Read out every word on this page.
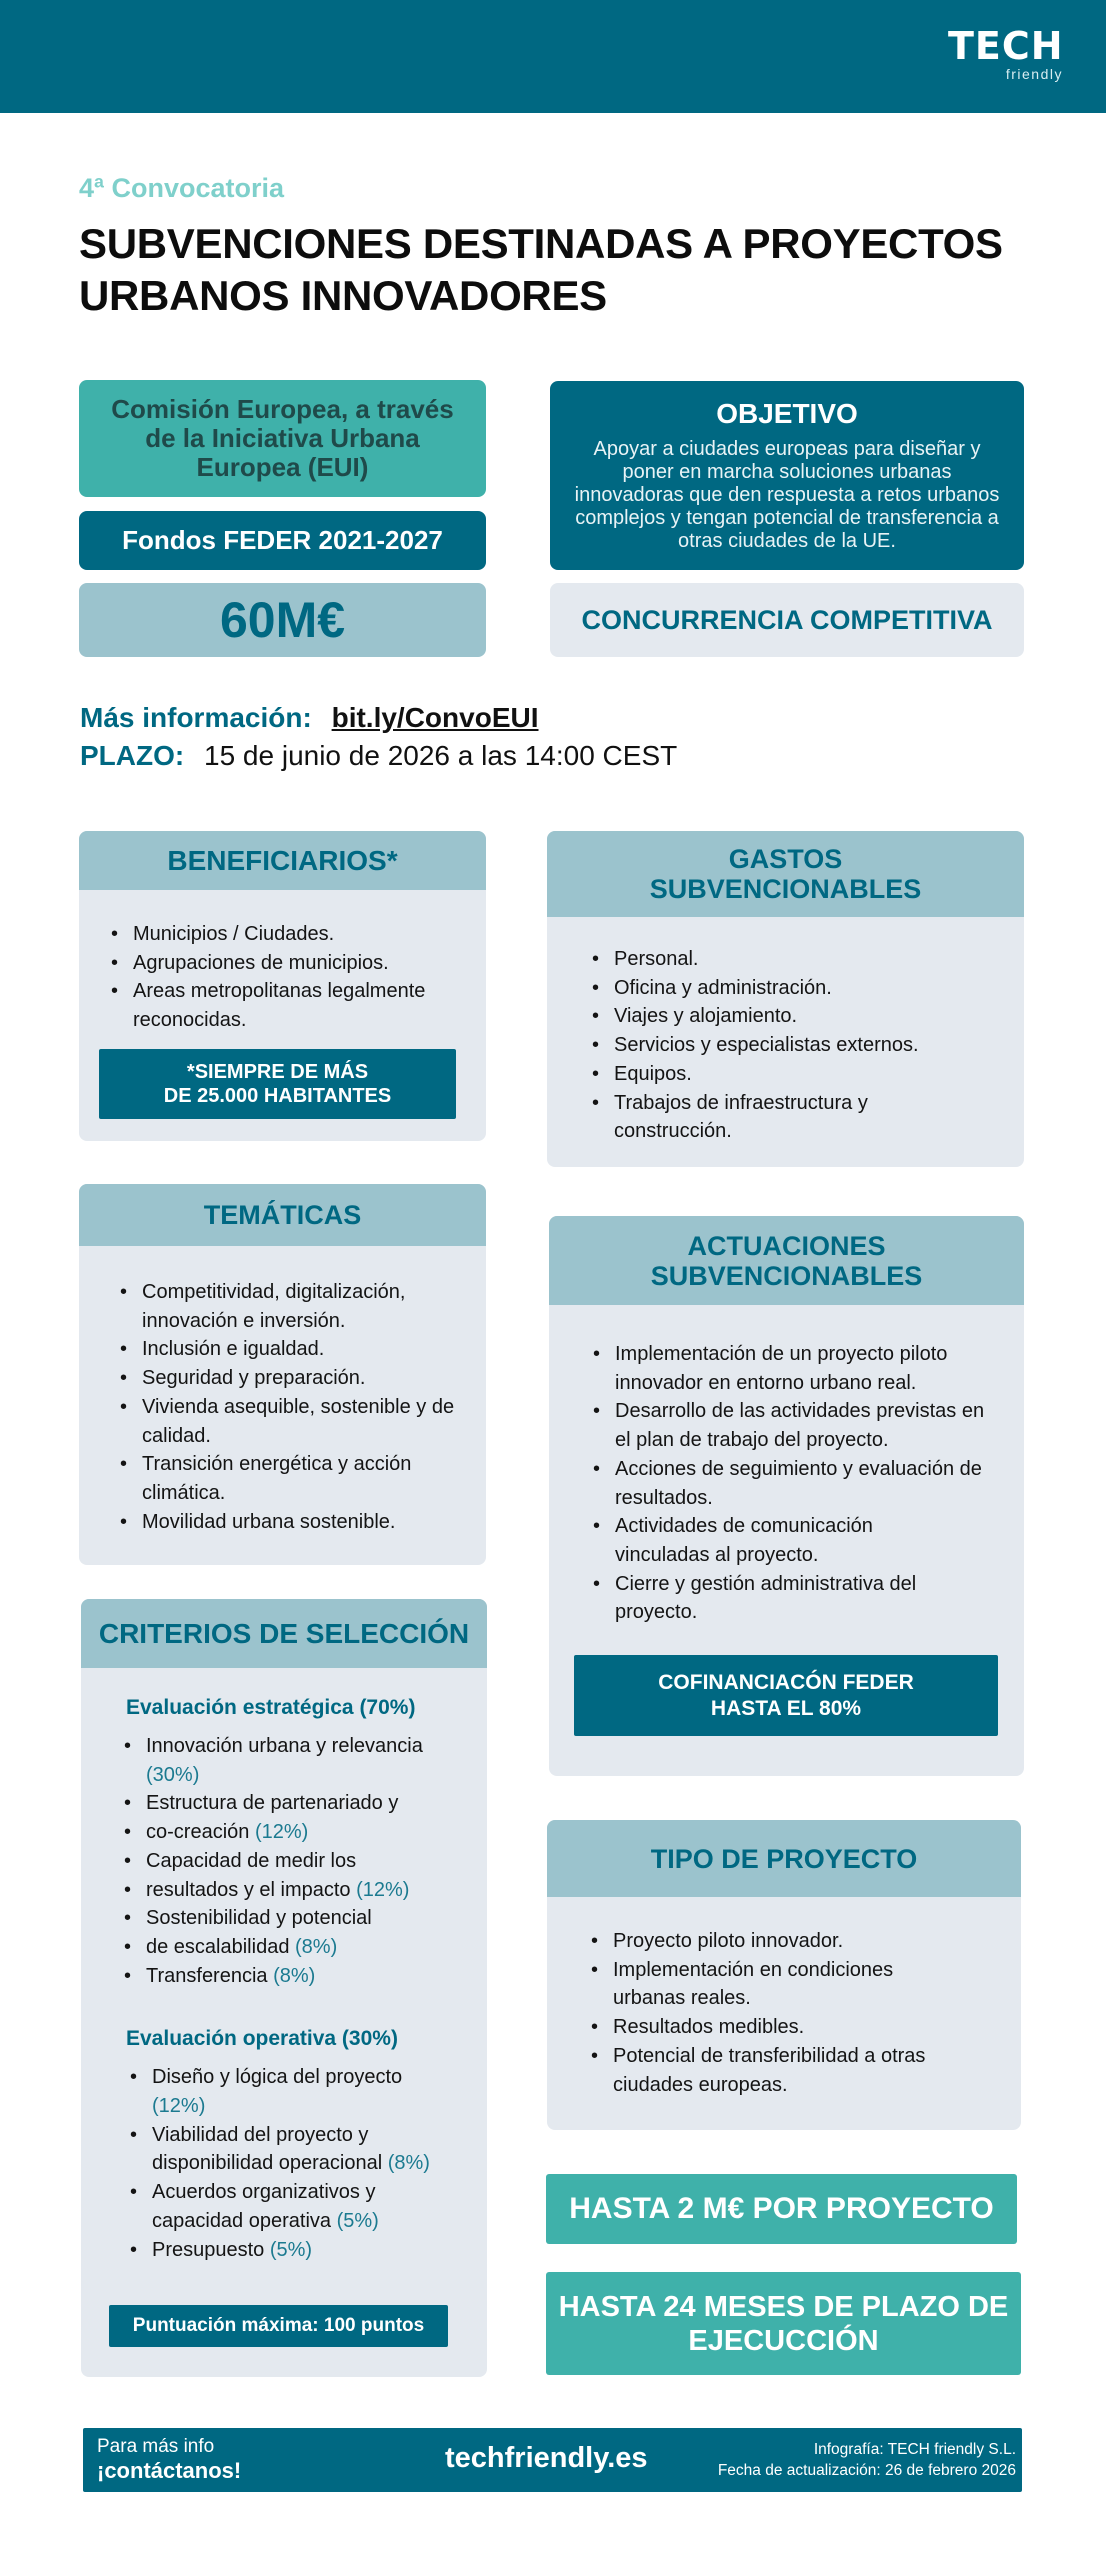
TECH
friendly
4ª Convocatoria
SUBVENCIONES DESTINADAS A PROYECTOS URBANOS INNOVADORES
Comisión Europea, a través de la Iniciativa Urbana Europea (EUI)
Fondos FEDER 2021-2027
60M€
OBJETIVO
Apoyar a ciudades europeas para diseñar y poner en marcha soluciones urbanas innovadoras que den respuesta a retos urbanos complejos y tengan potencial de transferencia a otras ciudades de la UE.
CONCURRENCIA COMPETITIVA
Más información: bit.ly/ConvoEUI
PLAZO: 15 de junio de 2026 a las 14:00 CEST
BENEFICIARIOS*
• Municipios / Ciudades.
• Agrupaciones de municipios.
• Areas metropolitanas legalmente reconocidas.
*SIEMPRE DE MÁS
DE 25.000 HABITANTES
GASTOS
SUBVENCIONABLES
• Personal.
• Oficina y administración.
• Viajes y alojamiento.
• Servicios y especialistas externos.
• Equipos.
• Trabajos de infraestructura y construcción.
TEMÁTICAS
• Competitividad, digitalización, innovación e inversión.
• Inclusión e igualdad.
• Seguridad y preparación.
• Vivienda asequible, sostenible y de calidad.
• Transición energética y acción climática.
• Movilidad urbana sostenible.
ACTUACIONES
SUBVENCIONABLES
• Implementación de un proyecto piloto innovador en entorno urbano real.
• Desarrollo de las actividades previstas en el plan de trabajo del proyecto.
• Acciones de seguimiento y evaluación de resultados.
• Actividades de comunicación vinculadas al proyecto.
• Cierre y gestión administrativa del proyecto.
COFINANCIACÓN FEDER
HASTA EL 80%
CRITERIOS DE SELECCIÓN
Evaluación estratégica (70%)
• Innovación urbana y relevancia
(30%)
• Estructura de partenariado y
• co-creación (12%)
• Capacidad de medir los
• resultados y el impacto (12%)
• Sostenibilidad y potencial
• de escalabilidad (8%)
• Transferencia (8%)
Evaluación operativa (30%)
• Diseño y lógica del proyecto
(12%)
• Viabilidad del proyecto y disponibilidad operacional (8%)
• Acuerdos organizativos y capacidad operativa (5%)
• Presupuesto (5%)
Puntuación máxima: 100 puntos
TIPO DE PROYECTO
• Proyecto piloto innovador.
• Implementación en condiciones urbanas reales.
• Resultados medibles.
• Potencial de transferibilidad a otras ciudades europeas.
HASTA 2 M€ POR PROYECTO
HASTA 24 MESES DE PLAZO DE EJECUCCIÓN
Para más info
¡contáctanos!	techfriendly.es	Infografía: TECH friendly S.L.
Fecha de actualización: 26 de febrero 2026
